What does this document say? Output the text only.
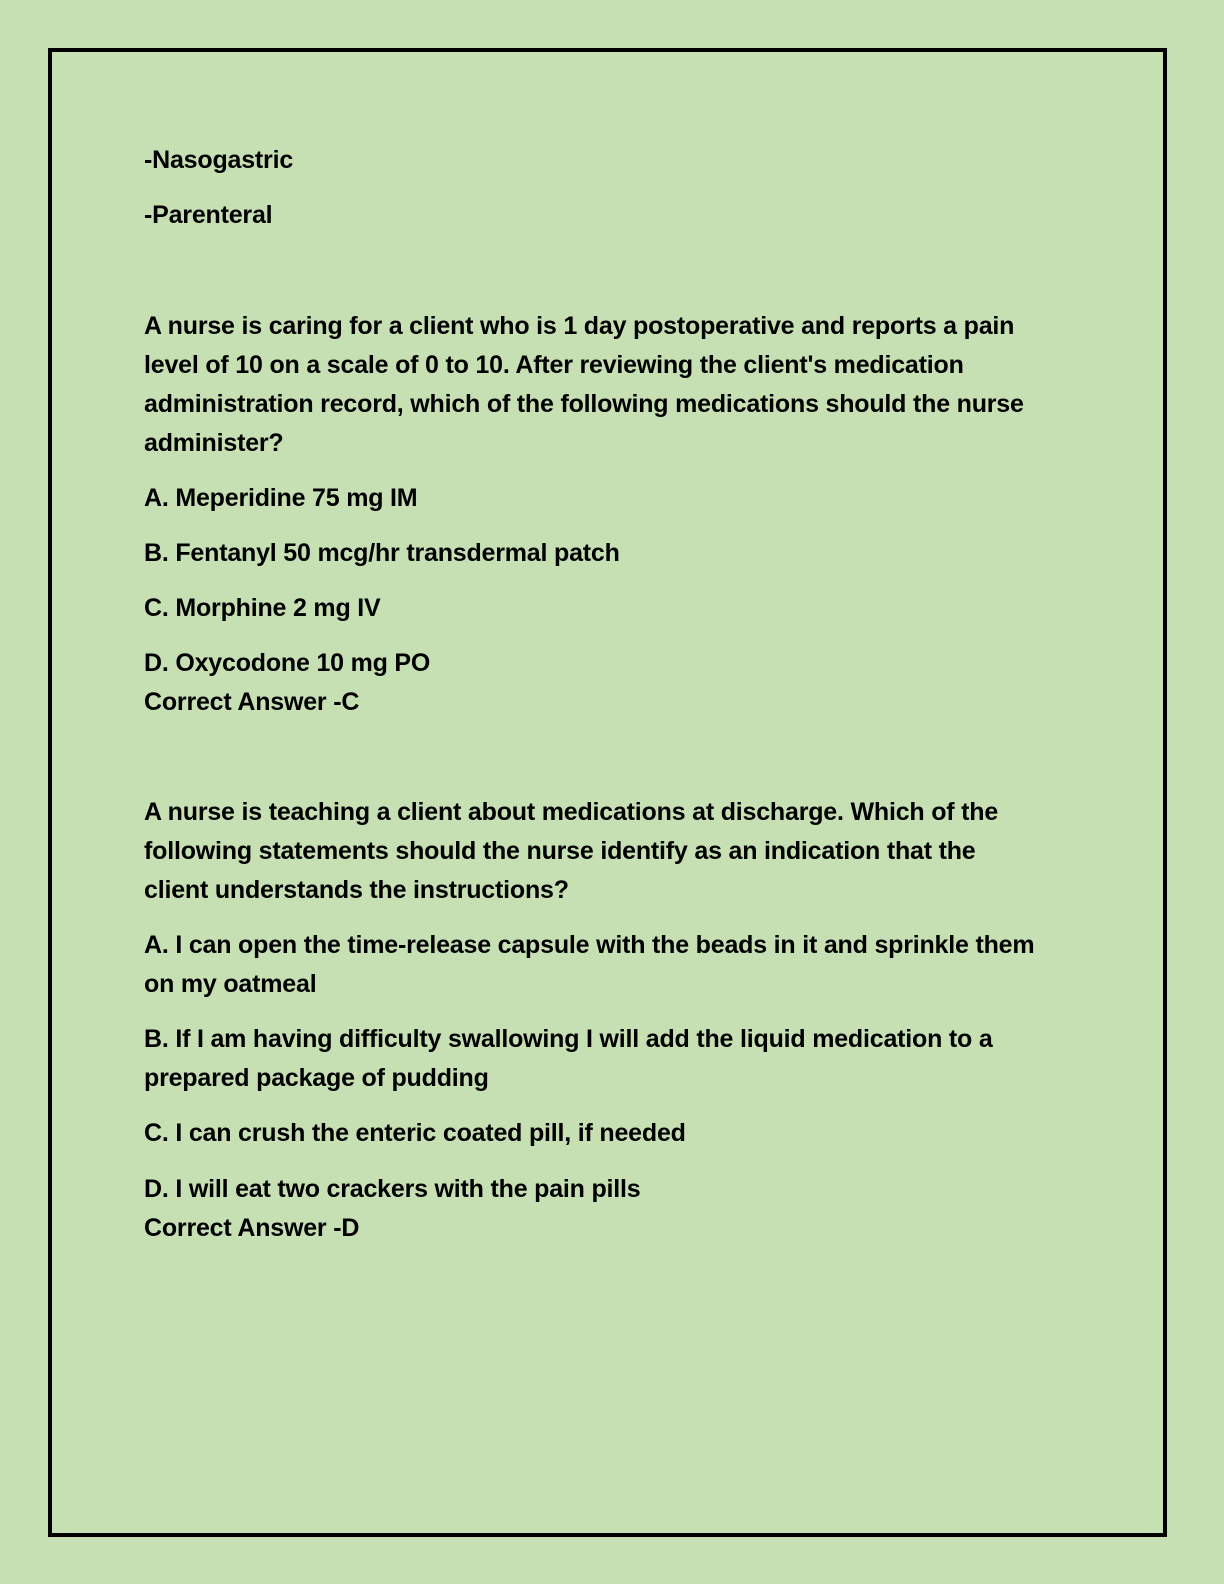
-Nasogastric
-Parenteral
A nurse is caring for a client who is 1 day postoperative and reports a pain
level of 10 on a scale of 0 to 10. After reviewing the client's medication
administration record, which of the following medications should the nurse
administer?
A. Meperidine 75 mg IM
B. Fentanyl 50 mcg/hr transdermal patch
C. Morphine 2 mg IV
D. Oxycodone 10 mg PO
Correct Answer -C
A nurse is teaching a client about medications at discharge. Which of the
following statements should the nurse identify as an indication that the
client understands the instructions?
A. I can open the time-release capsule with the beads in it and sprinkle them
on my oatmeal
B. If I am having difficulty swallowing I will add the liquid medication to a
prepared package of pudding
C. I can crush the enteric coated pill, if needed
D. I will eat two crackers with the pain pills
Correct Answer -D
